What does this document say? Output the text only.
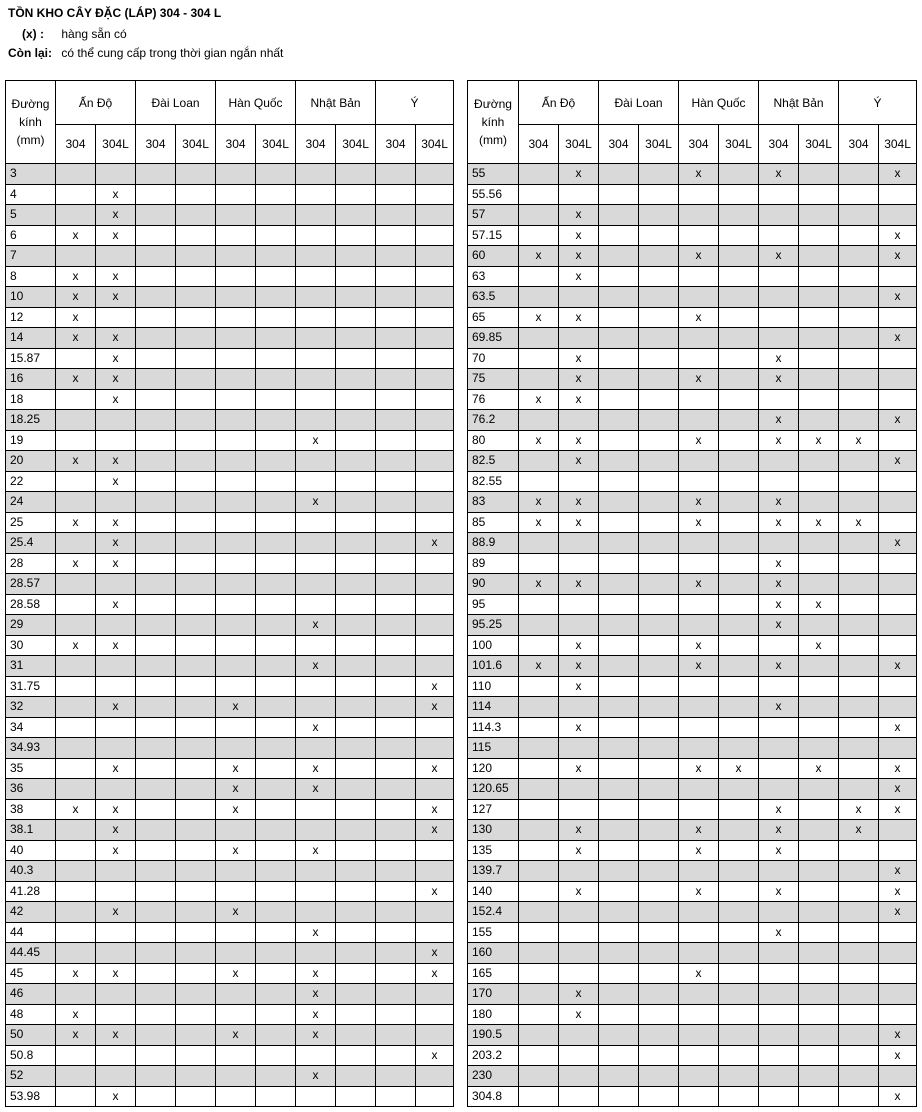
TỒN KHO CÂY ĐẶC (LÁP) 304 - 304 L
(x) : hàng sẵn có
Còn lại: có thể cung cấp trong thời gian ngắn nhất
Đường kính (mm)	Ấn Độ		Đài Loan		Hàn Quốc		Nhật Bản		Ý	
	304	304L	304	304L	304	304L	304	304L	304	304L
3										
4		x								
5		x								
6	x	x								
7										
8	x	x								
10	x	x								
12	x									
14	x	x								
15.87		x								
16	x	x								
18		x								
18.25										
19							x			
20	x	x								
22		x								
24							x			
25	x	x								
25.4		x								x
28	x	x								
28.57										
28.58		x								
29							x			
30	x	x								
31							x			
31.75										x
32		x			x					x
34							x			
34.93										
35		x			x		x			x
36					x		x			
38	x	x			x					x
38.1		x								x
40		x			x		x			
40.3										
41.28										x
42		x			x					
44							x			
44.45										x
45	x	x			x		x			x
46							x			
48	x						x			
50	x	x			x		x			
50.8										x
52							x			
53.98		x								
Đường kính (mm)	Ấn Độ		Đài Loan		Hàn Quốc		Nhật Bản		Ý	
	304	304L	304	304L	304	304L	304	304L	304	304L
55		x			x		x			x
55.56										
57		x								
57.15		x								x
60	x	x			x		x			x
63		x								
63.5										x
65	x	x			x					
69.85										x
70		x					x			
75		x			x		x			
76	x	x								
76.2							x			x
80	x	x			x		x	x	x	
82.5		x								x
82.55										
83	x	x			x		x			
85	x	x			x		x	x	x	
88.9										x
89							x			
90	x	x			x		x			
95							x	x		
95.25							x			
100		x			x			x		
101.6	x	x			x		x			x
110		x								
114							x			
114.3		x								x
115										
120		x			x	x		x		x
120.65										x
127							x		x	x
130		x			x		x		x	
135		x			x		x			
139.7										x
140		x			x		x			x
152.4										x
155							x			
160										
165					x					
170		x								
180		x								
190.5										x
203.2										x
230										
304.8										x
